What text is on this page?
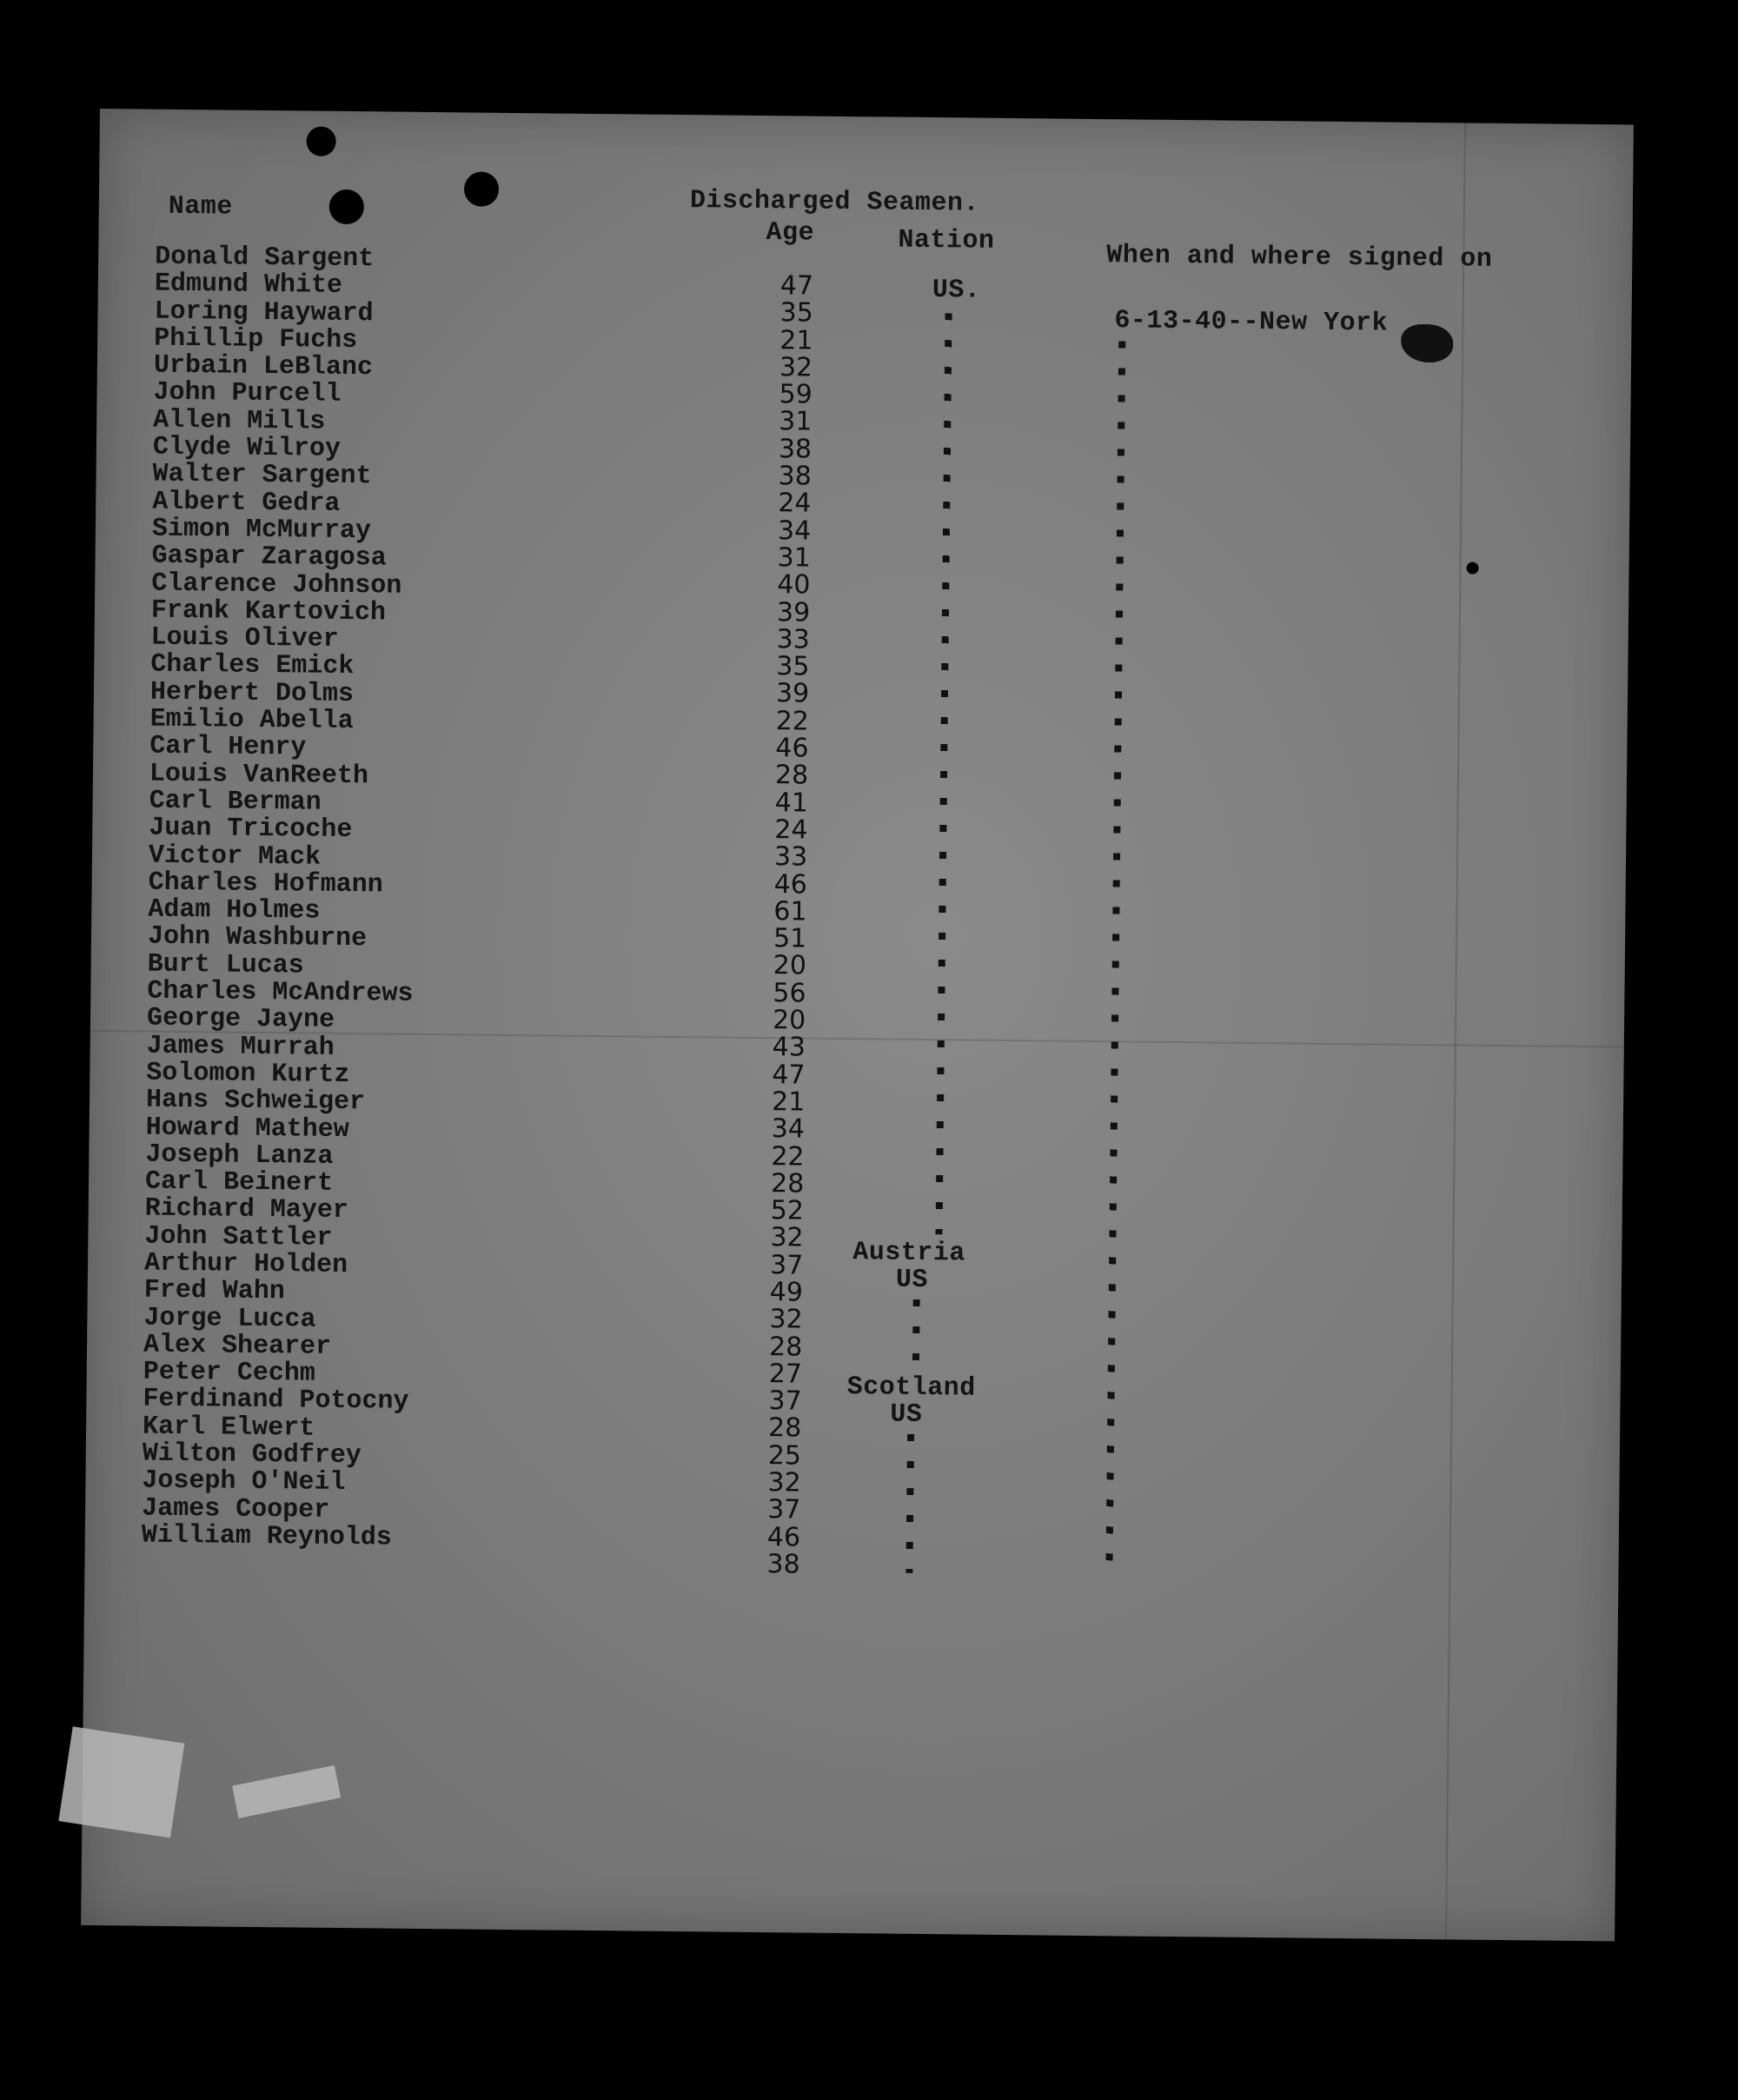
Discharged Seamen.
Name
Age	Nation	When and where signed on
Donald Sargent
Edmund White
Loring Hayward
Phillip Fuchs
Urbain LeBlanc
John Purcell
Allen Mills
Clyde Wilroy
Walter Sargent
Albert Gedra
Simon McMurray
Gaspar Zaragosa
Clarence Johnson
Frank Kartovich
Louis Oliver
Charles Emick
Herbert Dolms
Emilio Abella
Carl Henry
Louis VanReeth
Carl Berman
Juan Tricoche
Victor Mack
Charles Hofmann
Adam Holmes
John Washburne
Burt Lucas
Charles McAndrews
George Jayne
James Murrah
Solomon Kurtz
Hans Schweiger
Howard Mathew
Joseph Lanza
Carl Beinert
Richard Mayer
John Sattler
Arthur Holden
Fred Wahn
Jorge Lucca
Alex Shearer
Peter Cechm
Ferdinand Potocny
Karl Elwert
Wilton Godfrey
Joseph O'Neil
James Cooper
William Reynolds
47
35
21
32
59
31
38
38
24
34
31
40
39
33
35
39
22
46
28
41
24
33
46
61
51
20
56
20
43
47
21
34
22
28
52
32
37
49
32
28
27
37
28
25
32
37
46
38
US.
6-13-40--New York
Austria
US
Scotland
US
